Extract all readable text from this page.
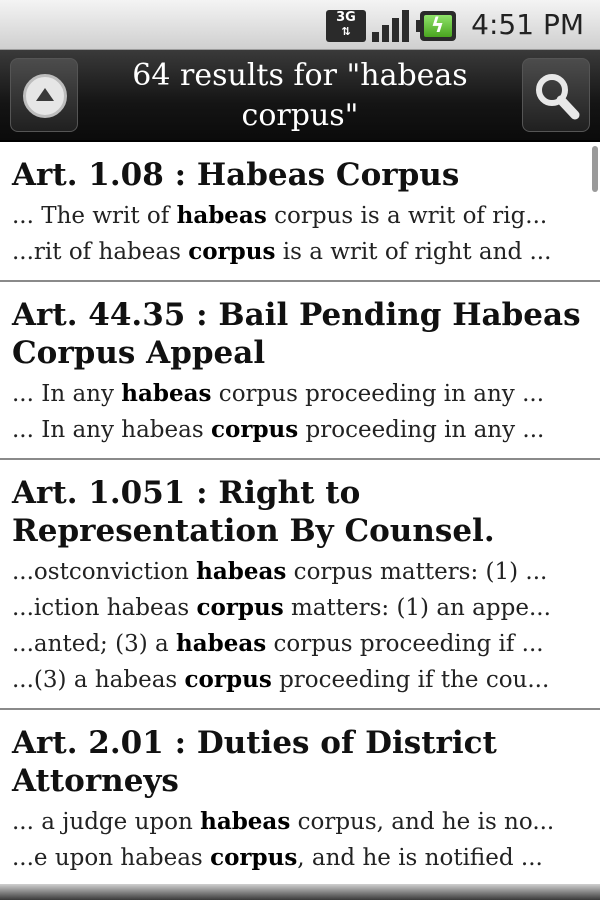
3G
⇅	ϟ 4:51 PM
64 results for "habeas corpus"
Art. 1.08 : Habeas Corpus
... The writ of habeas corpus is a writ of rig...
...rit of habeas corpus is a writ of right and ...
Art. 44.35 : Bail Pending Habeas Corpus Appeal
... In any habeas corpus proceeding in any ...
... In any habeas corpus proceeding in any ...
Art. 1.051 : Right to Representation By Counsel.
...ostconviction habeas corpus matters: (1) ...
...iction habeas corpus matters: (1) an appe...
...anted; (3) a habeas corpus proceeding if ...
...(3) a habeas corpus proceeding if the cou...
Art. 2.01 : Duties of District Attorneys
... a judge upon habeas corpus, and he is no...
...e upon habeas corpus, and he is notified ...
